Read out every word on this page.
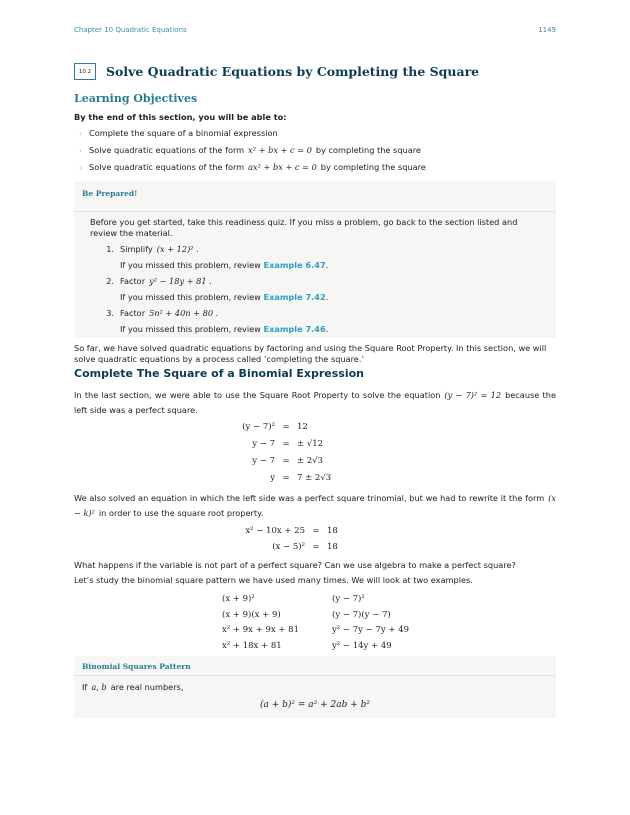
Chapter 10 Quadratic Equations	1149
10.2	Solve Quadratic Equations by Completing the Square
Learning Objectives
By the end of this section, you will be able to:
› Complete the square of a binomial expression
› Solve quadratic equations of the form x² + bx + c = 0 by completing the square
› Solve quadratic equations of the form ax² + bx + c = 0 by completing the square
Be Prepared!
Before you get started, take this readiness quiz. If you miss a problem, go back to the section listed and review the material.
1. Simplify (x + 12)² .
If you missed this problem, review Example 6.47.
2. Factor y² − 18y + 81 .
If you missed this problem, review Example 7.42.
3. Factor 5n² + 40n + 80 .
If you missed this problem, review Example 7.46.
So far, we have solved quadratic equations by factoring and using the Square Root Property. In this section, we will solve quadratic equations by a process called ‘completing the square.’
Complete The Square of a Binomial Expression
In the last section, we were able to use the Square Root Property to solve the equation (y − 7)² = 12 because the left side was a perfect square.
(y − 7)² = 12
y − 7 = ± √12
y − 7 = ± 2√3
y = 7 ± 2√3
We also solved an equation in which the left side was a perfect square trinomial, but we had to rewrite it the form (x − k)² in order to use the square root property.
x² − 10x + 25 = 18
(x − 5)² = 18
What happens if the variable is not part of a perfect square? Can we use algebra to make a perfect square?
Let’s study the binomial square pattern we have used many times. We will look at two examples.
(x + 9)²
(x + 9)(x + 9)
x² + 9x + 9x + 81
x² + 18x + 81
(y − 7)²
(y − 7)(y − 7)
y² − 7y − 7y + 49
y² − 14y + 49
Binomial Squares Pattern
If a, b are real numbers,
(a + b)² = a² + 2ab + b²
